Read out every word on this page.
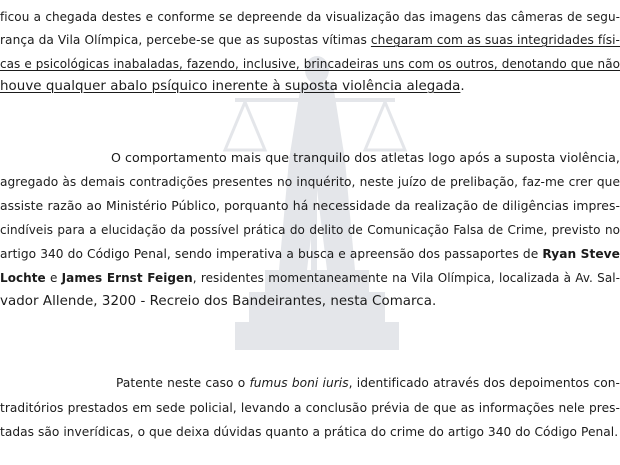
ficou a chegada destes e conforme se depreende da visualização das imagens das câmeras de segu-
rança da Vila Olímpica, percebe-se que as supostas vítimas chegaram com as suas integridades físi-
cas e psicológicas inabaladas, fazendo, inclusive, brincadeiras uns com os outros, denotando que não
houve qualquer abalo psíquico inerente à suposta violência alegada.
O comportamento mais que tranquilo dos atletas logo após a suposta violência,
agregado às demais contradições presentes no inquérito, neste juízo de prelibação, faz-me crer que
assiste razão ao Ministério Público, porquanto há necessidade da realização de diligências impres-
cindíveis para a elucidação da possível prática do delito de Comunicação Falsa de Crime, previsto no
artigo 340 do Código Penal, sendo imperativa a busca e apreensão dos passaportes de Ryan Steve
Lochte e James Ernst Feigen, residentes momentaneamente na Vila Olímpica, localizada à Av. Sal-
vador Allende, 3200 - Recreio dos Bandeirantes, nesta Comarca.
Patente neste caso o fumus boni iuris, identificado através dos depoimentos con-
traditórios prestados em sede policial, levando a conclusão prévia de que as informações nele pres-
tadas são inverídicas, o que deixa dúvidas quanto a prática do crime do artigo 340 do Código Penal.
